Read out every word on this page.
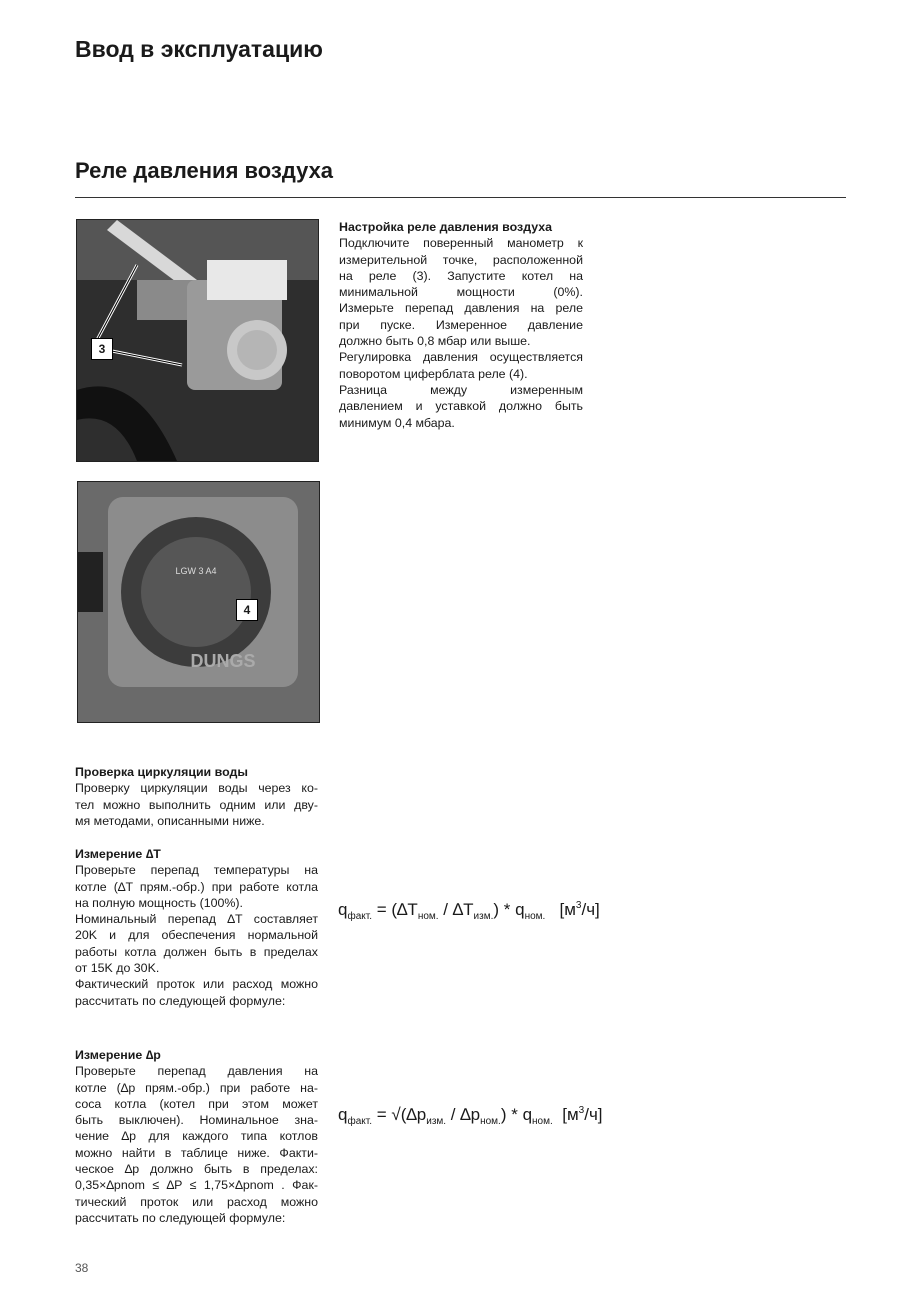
Ввод в эксплуатацию
Реле давления воздуха
3
LGW 3 A4
DUNGS
4
Настройка реле давления воздуха
Подключите поверенный манометр к
измерительной точке, расположенной
на реле (3). Запустите котел на
минимальной мощности (0%).
Измерьте перепад давления на реле
при пуске. Измеренное давление
должно быть 0,8 мбар или выше.
Регулировка давления осуществляется
поворотом циферблата реле (4).
Разница между измеренным
давлением и уставкой должно быть
минимум 0,4 мбара.
Проверка циркуляции воды
Проверку циркуляции воды через ко-
тел можно выполнить одним или дву-
мя методами, описанными ниже.
Измерение ∆T
Проверьте перепад температуры на
котле (∆T прям.-обр.) при работе котла
на полную мощность (100%).
Номинальный перепад ∆T составляет
20K и для обеспечения нормальной
работы котла должен быть в пределах
от 15K до 30K.
Фактический проток или расход можно
рассчитать по следующей формуле:
Измерение ∆p
Проверьте перепад давления на
котле (∆p прям.-обр.) при работе на-
соса котла (котел при этом может
быть выключен). Номинальное зна-
чение ∆p для каждого типа котлов
можно найти в таблице ниже. Факти-
ческое ∆p должно быть в пределах:
0,35×∆pnom ≤ ∆P ≤ 1,75×∆pnom . Фак-
тический проток или расход можно
рассчитать по следующей формуле:
$q_{факт.} = (\Delta T_{ном.} / \Delta T_{изм.}) * q_{ном.}$ $[м^3/ч]$
$q_{факт.} = √(\Delta p_{изм.} / \Delta p_{ном.}) * q_{ном.}$ $[м^3/ч]$
38
